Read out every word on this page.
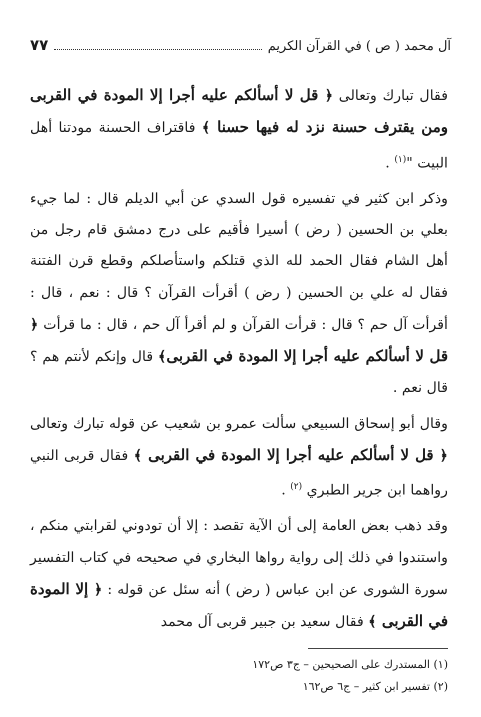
آل محمد ( ص ) في القرآن الكريم
٧٧

فقال تبارك وتعالى ﴿ قل لا أسألكم عليه أجرا إلا المودة في القربى ومن يقترف حسنة نزد له فيها حسنا ﴾ فاقتراف الحسنة مودتنا أهل البيت "$^{(١)}$ .

وذكر ابن كثير في تفسيره قول السدي عن أبي الديلم قال : لما جيء بعلي بن الحسين ( رض ) أسيرا فأقيم على درج دمشق قام رجل من أهل الشام فقال الحمد لله الذي قتلكم واستأصلكم وقطع قرن الفتنة فقال له علي بن الحسين ( رض ) أقرأت القرآن ؟ قال : نعم ، قال : أقرأت آل حم ؟ قال : قرأت القرآن و لم أقرأ آل حم ، قال : ما قرأت ﴿ قل لا أسألكم عليه أجرا إلا المودة في القربى﴾ قال وإنكم لأنتم هم ؟ قال نعم .

وقال أبو إسحاق السبيعي سألت عمرو بن شعيب عن قوله تبارك وتعالى ﴿ قل لا أسألكم عليه أجرا إلا المودة في القربى ﴾ فقال قربى النبي رواهما ابن جرير الطبري $^{(٢)}$ .

وقد ذهب بعض العامة إلى أن الآية تقصد : إلا أن تودوني لقرابتي منكم ، واستندوا في ذلك إلى رواية رواها البخاري في صحيحه في كتاب التفسير سورة الشورى عن ابن عباس ( رض ) أنه سئل عن قوله : ﴿ إلا المودة في القربى ﴾ فقال سعيد بن جبير قربى آل محمد

(١) المستدرك على الصحيحين – ج٣ ص١٧٢

(٢) تفسير ابن كثير – ج٦ ص١٦٢
